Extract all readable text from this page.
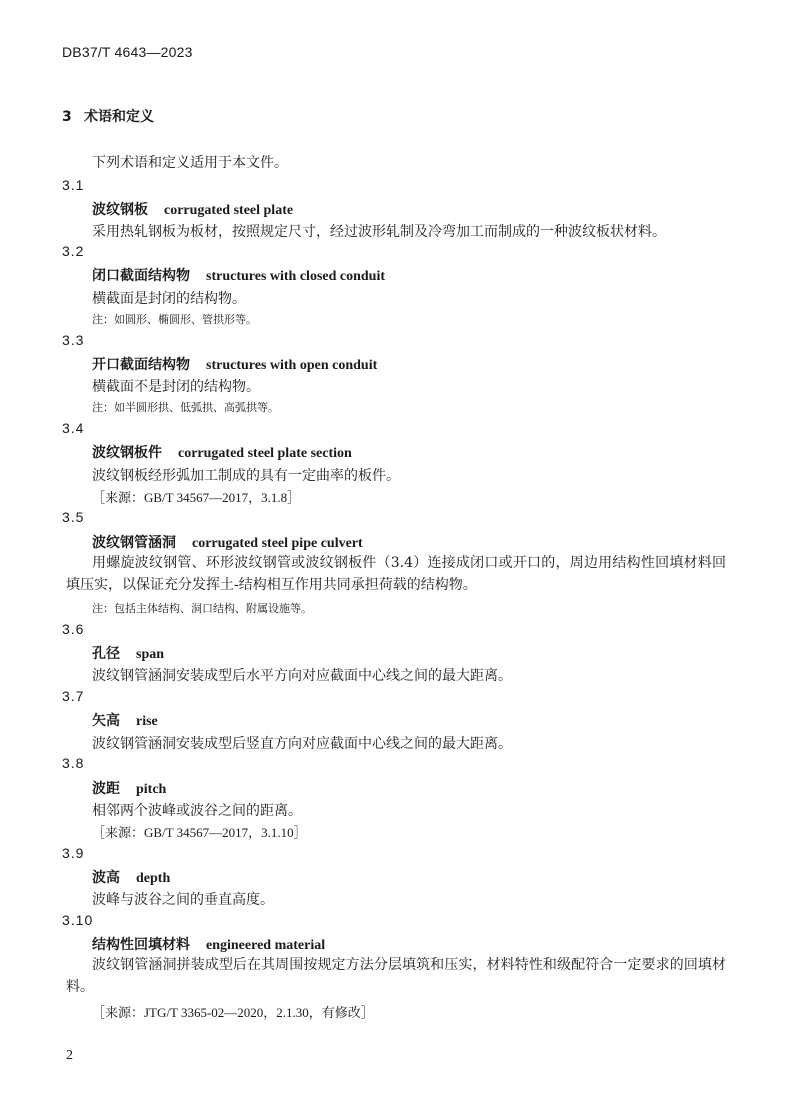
DB37/T 4643—2023
3 术语和定义
下列术语和定义适用于本文件。
3.1
波纹钢板 corrugated steel plate
采用热轧钢板为板材，按照规定尺寸，经过波形轧制及冷弯加工而制成的一种波纹板状材料。
3.2
闭口截面结构物 structures with closed conduit
横截面是封闭的结构物。
注：如圆形、椭圆形、管拱形等。
3.3
开口截面结构物 structures with open conduit
横截面不是封闭的结构物。
注：如半圆形拱、低弧拱、高弧拱等。
3.4
波纹钢板件 corrugated steel plate section
波纹钢板经形弧加工制成的具有一定曲率的板件。
［来源：GB/T 34567—2017，3.1.8］
3.5
波纹钢管涵洞 corrugated steel pipe culvert
用螺旋波纹钢管、环形波纹钢管或波纹钢板件（3.4）连接成闭口或开口的，周边用结构性回填材料回填压实，以保证充分发挥土-结构相互作用共同承担荷载的结构物。
注：包括主体结构、洞口结构、附属设施等。
3.6
孔径 span
波纹钢管涵洞安装成型后水平方向对应截面中心线之间的最大距离。
3.7
矢高 rise
波纹钢管涵洞安装成型后竖直方向对应截面中心线之间的最大距离。
3.8
波距 pitch
相邻两个波峰或波谷之间的距离。
［来源：GB/T 34567—2017，3.1.10］
3.9
波高 depth
波峰与波谷之间的垂直高度。
3.10
结构性回填材料 engineered material
波纹钢管涵洞拼装成型后在其周围按规定方法分层填筑和压实，材料特性和级配符合一定要求的回填材料。
［来源：JTG/T 3365-02—2020，2.1.30，有修改］
2
